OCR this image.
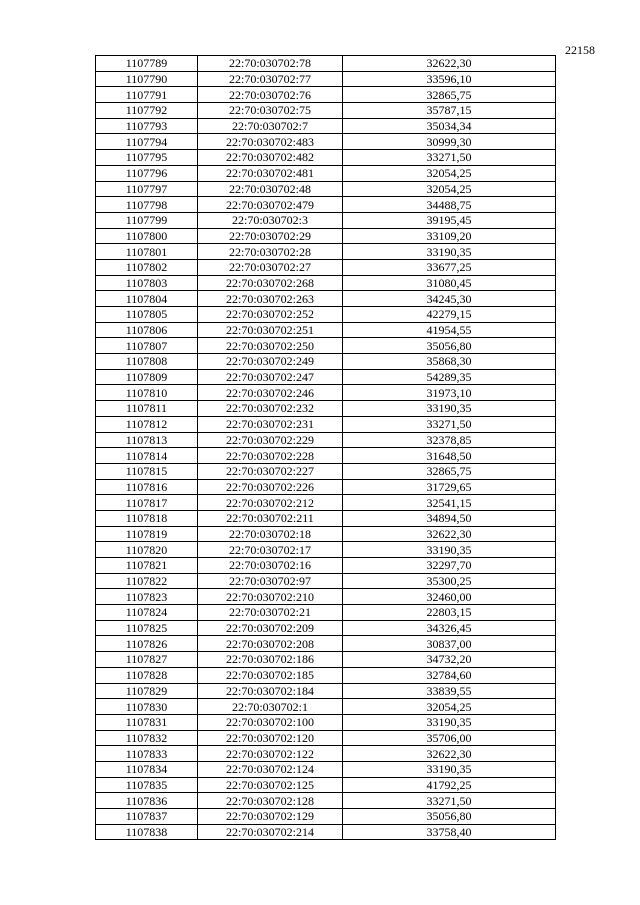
22158
1107789	22:70:030702:78	32622,30
1107790	22:70:030702:77	33596,10
1107791	22:70:030702:76	32865,75
1107792	22:70:030702:75	35787,15
1107793	22:70:030702:7	35034,34
1107794	22:70:030702:483	30999,30
1107795	22:70:030702:482	33271,50
1107796	22:70:030702:481	32054,25
1107797	22:70:030702:48	32054,25
1107798	22:70:030702:479	34488,75
1107799	22:70:030702:3	39195,45
1107800	22:70:030702:29	33109,20
1107801	22:70:030702:28	33190,35
1107802	22:70:030702:27	33677,25
1107803	22:70:030702:268	31080,45
1107804	22:70:030702:263	34245,30
1107805	22:70:030702:252	42279,15
1107806	22:70:030702:251	41954,55
1107807	22:70:030702:250	35056,80
1107808	22:70:030702:249	35868,30
1107809	22:70:030702:247	54289,35
1107810	22:70:030702:246	31973,10
1107811	22:70:030702:232	33190,35
1107812	22:70:030702:231	33271,50
1107813	22:70:030702:229	32378,85
1107814	22:70:030702:228	31648,50
1107815	22:70:030702:227	32865,75
1107816	22:70:030702:226	31729,65
1107817	22:70:030702:212	32541,15
1107818	22:70:030702:211	34894,50
1107819	22:70:030702:18	32622,30
1107820	22:70:030702:17	33190,35
1107821	22:70:030702:16	32297,70
1107822	22:70:030702:97	35300,25
1107823	22:70:030702:210	32460,00
1107824	22:70:030702:21	22803,15
1107825	22:70:030702:209	34326,45
1107826	22:70:030702:208	30837,00
1107827	22:70:030702:186	34732,20
1107828	22:70:030702:185	32784,60
1107829	22:70:030702:184	33839,55
1107830	22:70:030702:1	32054,25
1107831	22:70:030702:100	33190,35
1107832	22:70:030702:120	35706,00
1107833	22:70:030702:122	32622,30
1107834	22:70:030702:124	33190,35
1107835	22:70:030702:125	41792,25
1107836	22:70:030702:128	33271,50
1107837	22:70:030702:129	35056,80
1107838	22:70:030702:214	33758,40
